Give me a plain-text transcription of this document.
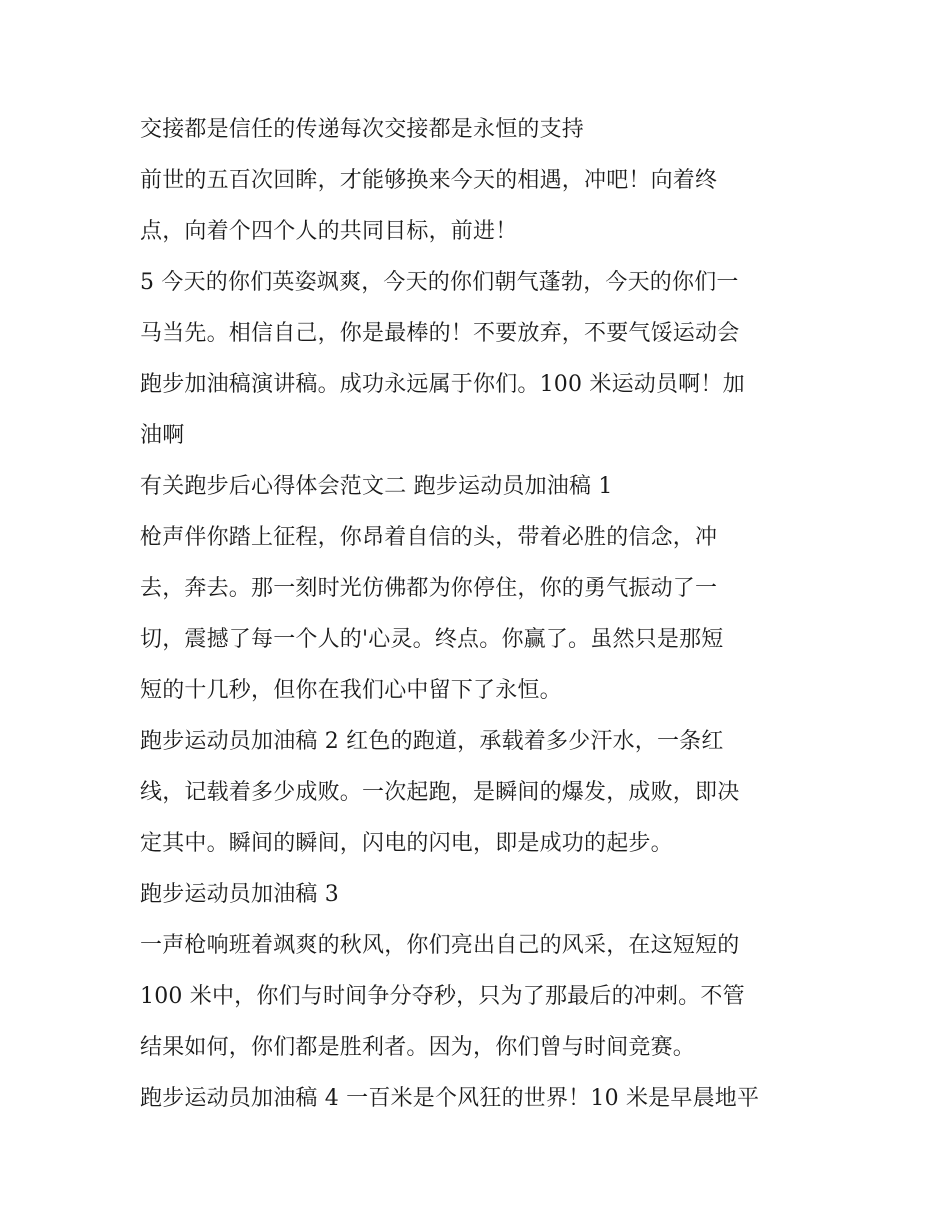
交接都是信任的传递每次交接都是永恒的支持
前世的五百次回眸，才能够换来今天的相遇，冲吧！向着终
点，向着个四个人的共同目标，前进！
5 今天的你们英姿飒爽，今天的你们朝气蓬勃，今天的你们一
马当先。相信自己，你是最棒的！不要放弃，不要气馁运动会
跑步加油稿演讲稿。成功永远属于你们。100 米运动员啊！加
油啊
有关跑步后心得体会范文二 跑步运动员加油稿 1
枪声伴你踏上征程，你昂着自信的头，带着必胜的信念，冲
去，奔去。那一刻时光仿佛都为你停住，你的勇气振动了一
切，震撼了每一个人的'心灵。终点。你赢了。虽然只是那短
短的十几秒，但你在我们心中留下了永恒。
跑步运动员加油稿 2 红色的跑道，承载着多少汗水，一条红
线，记载着多少成败。一次起跑，是瞬间的爆发，成败，即决
定其中。瞬间的瞬间，闪电的闪电，即是成功的起步。
跑步运动员加油稿 3
一声枪响班着飒爽的秋风，你们亮出自己的风采，在这短短的
100 米中，你们与时间争分夺秒，只为了那最后的冲刺。不管
结果如何，你们都是胜利者。因为，你们曾与时间竞赛。
跑步运动员加油稿 4 一百米是个风狂的世界！10 米是早晨地平
